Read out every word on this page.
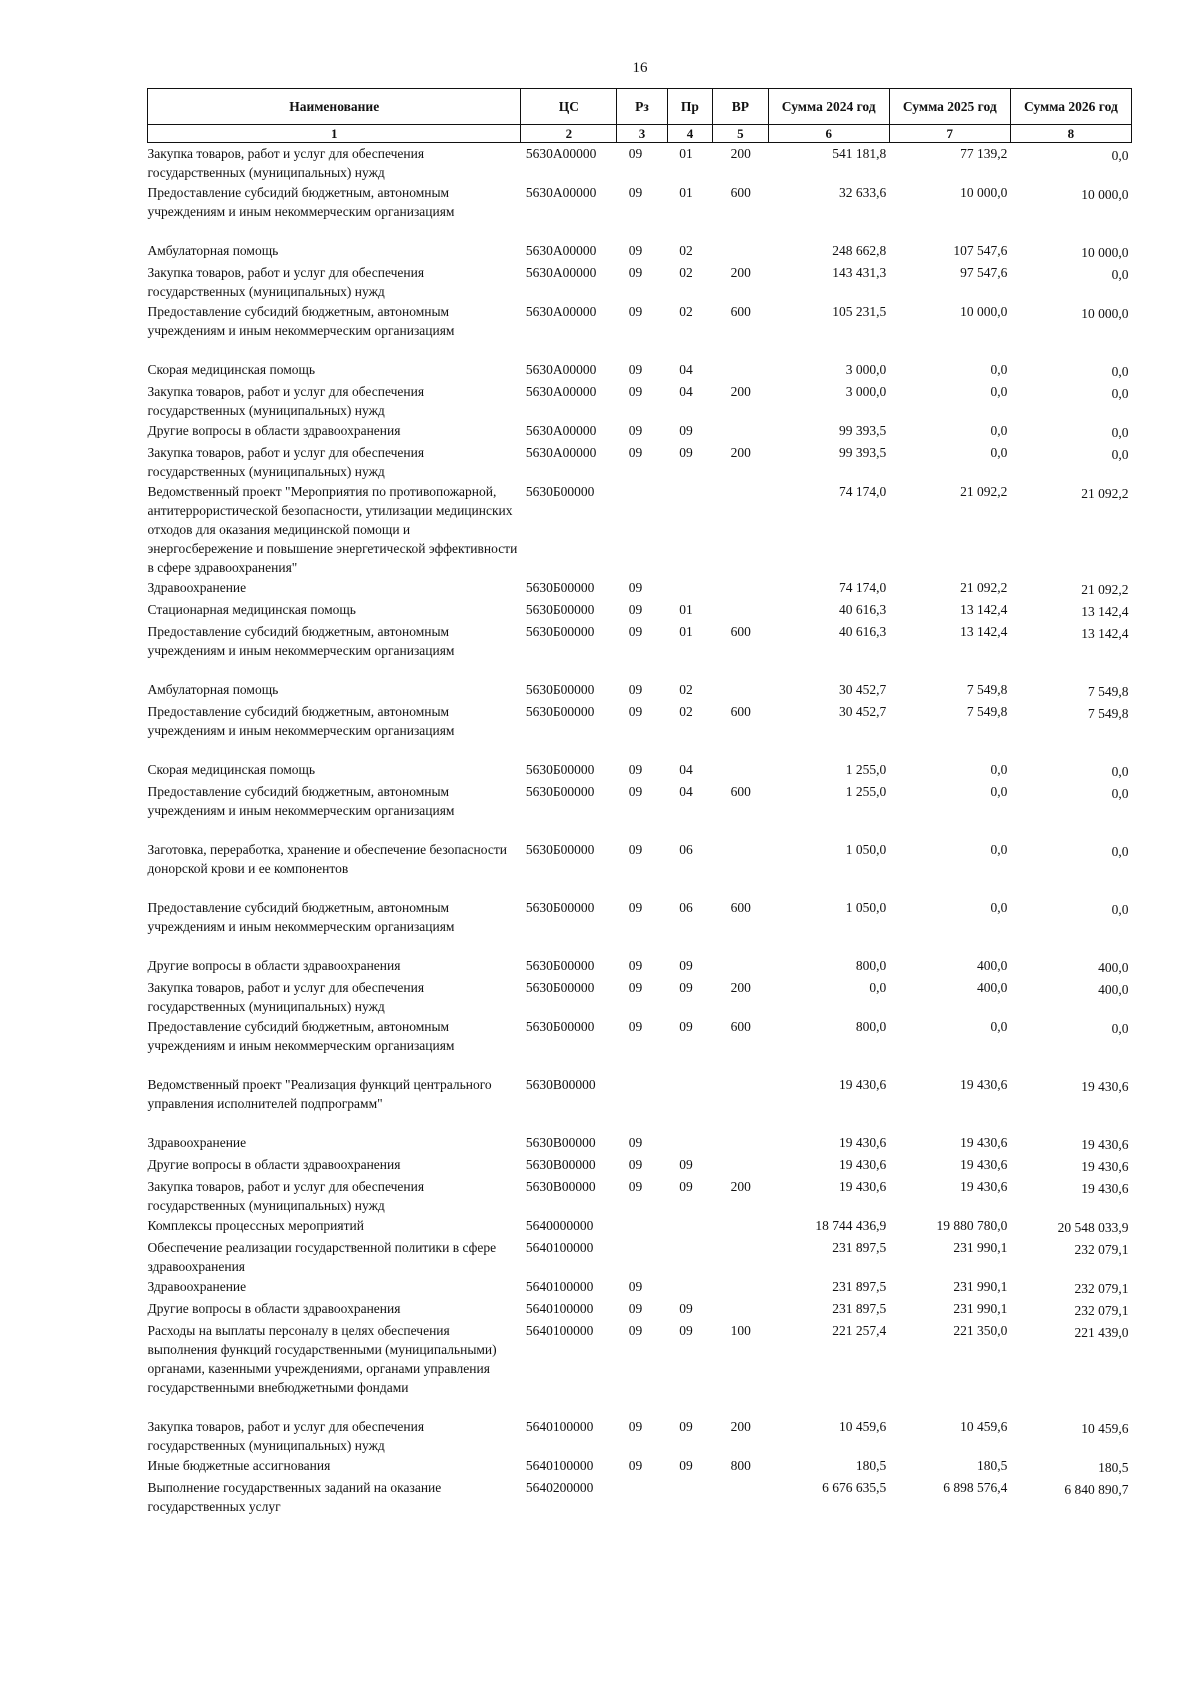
16
Наименование	ЦС	Рз	Пр	ВР	Сумма 2024 год	Сумма 2025 год	Сумма 2026 год
1	2	3	4	5	6	7	8
Закупка товаров, работ и услуг для обеспечения государственных (муниципальных) нужд	5630А00000	09	01	200	541 181,8	77 139,2	0,0
Предоставление субсидий бюджетным, автономным учреждениям и иным некоммерческим организациям	5630А00000	09	01	600	32 633,6	10 000,0	10 000,0
Амбулаторная помощь	5630А00000	09	02		248 662,8	107 547,6	10 000,0
Закупка товаров, работ и услуг для обеспечения государственных (муниципальных) нужд	5630А00000	09	02	200	143 431,3	97 547,6	0,0
Предоставление субсидий бюджетным, автономным учреждениям и иным некоммерческим организациям	5630А00000	09	02	600	105 231,5	10 000,0	10 000,0
Скорая медицинская помощь	5630А00000	09	04		3 000,0	0,0	0,0
Закупка товаров, работ и услуг для обеспечения государственных (муниципальных) нужд	5630А00000	09	04	200	3 000,0	0,0	0,0
Другие вопросы в области здравоохранения	5630А00000	09	09		99 393,5	0,0	0,0
Закупка товаров, работ и услуг для обеспечения государственных (муниципальных) нужд	5630А00000	09	09	200	99 393,5	0,0	0,0
Ведомственный проект "Мероприятия по противопожарной, антитеррористической безопасности, утилизации медицинских отходов для оказания медицинской помощи и энергосбережение и повышение энергетической эффективности в сфере здравоохранения"	5630Б00000				74 174,0	21 092,2	21 092,2
Здравоохранение	5630Б00000	09			74 174,0	21 092,2	21 092,2
Стационарная медицинская помощь	5630Б00000	09	01		40 616,3	13 142,4	13 142,4
Предоставление субсидий бюджетным, автономным учреждениям и иным некоммерческим организациям	5630Б00000	09	01	600	40 616,3	13 142,4	13 142,4
Амбулаторная помощь	5630Б00000	09	02		30 452,7	7 549,8	7 549,8
Предоставление субсидий бюджетным, автономным учреждениям и иным некоммерческим организациям	5630Б00000	09	02	600	30 452,7	7 549,8	7 549,8
Скорая медицинская помощь	5630Б00000	09	04		1 255,0	0,0	0,0
Предоставление субсидий бюджетным, автономным учреждениям и иным некоммерческим организациям	5630Б00000	09	04	600	1 255,0	0,0	0,0
Заготовка, переработка, хранение и обеспечение безопасности донорской крови и ее компонентов	5630Б00000	09	06		1 050,0	0,0	0,0
Предоставление субсидий бюджетным, автономным учреждениям и иным некоммерческим организациям	5630Б00000	09	06	600	1 050,0	0,0	0,0
Другие вопросы в области здравоохранения	5630Б00000	09	09		800,0	400,0	400,0
Закупка товаров, работ и услуг для обеспечения государственных (муниципальных) нужд	5630Б00000	09	09	200	0,0	400,0	400,0
Предоставление субсидий бюджетным, автономным учреждениям и иным некоммерческим организациям	5630Б00000	09	09	600	800,0	0,0	0,0
Ведомственный проект "Реализация функций центрального управления исполнителей подпрограмм"	5630В00000				19 430,6	19 430,6	19 430,6
Здравоохранение	5630В00000	09			19 430,6	19 430,6	19 430,6
Другие вопросы в области здравоохранения	5630В00000	09	09		19 430,6	19 430,6	19 430,6
Закупка товаров, работ и услуг для обеспечения государственных (муниципальных) нужд	5630В00000	09	09	200	19 430,6	19 430,6	19 430,6
Комплексы процессных мероприятий	5640000000				18 744 436,9	19 880 780,0	20 548 033,9
Обеспечение реализации государственной политики в сфере здравоохранения	5640100000				231 897,5	231 990,1	232 079,1
Здравоохранение	5640100000	09			231 897,5	231 990,1	232 079,1
Другие вопросы в области здравоохранения	5640100000	09	09		231 897,5	231 990,1	232 079,1
Расходы на выплаты персоналу в целях обеспечения выполнения функций государственными (муниципальными) органами, казенными учреждениями, органами управления государственными внебюджетными фондами	5640100000	09	09	100	221 257,4	221 350,0	221 439,0
Закупка товаров, работ и услуг для обеспечения государственных (муниципальных) нужд	5640100000	09	09	200	10 459,6	10 459,6	10 459,6
Иные бюджетные ассигнования	5640100000	09	09	800	180,5	180,5	180,5
Выполнение государственных заданий на оказание государственных услуг	5640200000				6 676 635,5	6 898 576,4	6 840 890,7
